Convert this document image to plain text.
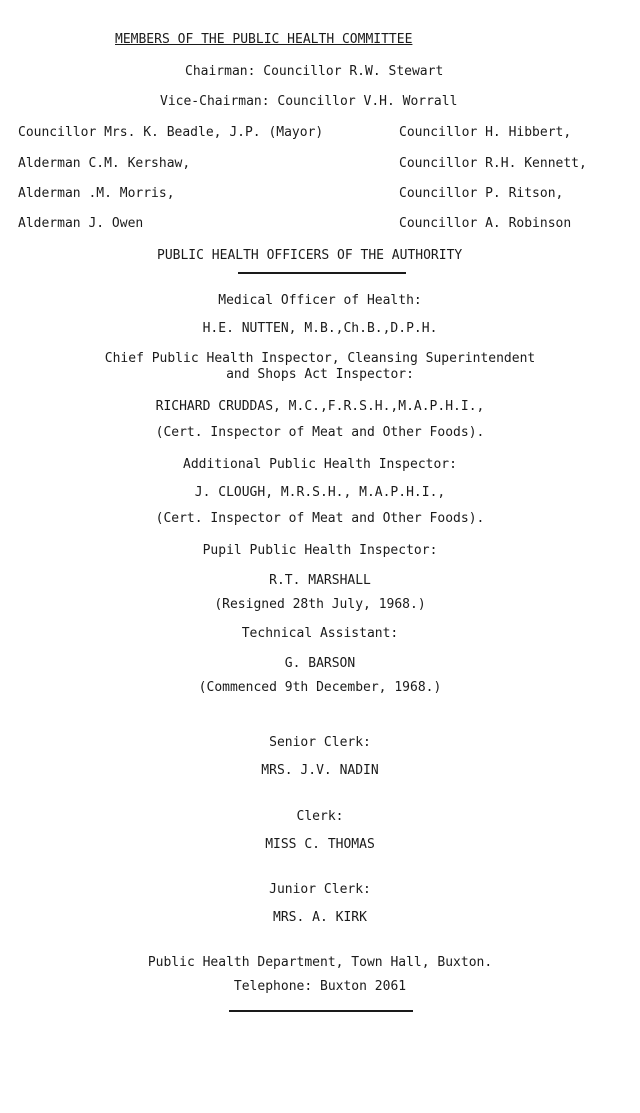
MEMBERS OF THE PUBLIC HEALTH COMMITTEE
Chairman: Councillor R.W. Stewart
Vice-Chairman: Councillor V.H. Worrall
Councillor Mrs. K. Beadle, J.P. (Mayor)
Alderman C.M. Kershaw,
Alderman .M. Morris,
Alderman J. Owen
Councillor H. Hibbert,
Councillor R.H. Kennett,
Councillor P. Ritson,
Councillor A. Robinson
PUBLIC HEALTH OFFICERS OF THE AUTHORITY
Medical Officer of Health:
H.E. NUTTEN, M.B.,Ch.B.,D.P.H.
Chief Public Health Inspector, Cleansing Superintendent
and Shops Act Inspector:
RICHARD CRUDDAS, M.C.,F.R.S.H.,M.A.P.H.I.,
(Cert. Inspector of Meat and Other Foods).
Additional Public Health Inspector:
J. CLOUGH, M.R.S.H., M.A.P.H.I.,
(Cert. Inspector of Meat and Other Foods).
Pupil Public Health Inspector:
R.T. MARSHALL
(Resigned 28th July, 1968.)
Technical Assistant:
G. BARSON
(Commenced 9th December, 1968.)
Senior Clerk:
MRS. J.V. NADIN
Clerk:
MISS C. THOMAS
Junior Clerk:
MRS. A. KIRK
Public Health Department, Town Hall, Buxton.
Telephone: Buxton 2061
